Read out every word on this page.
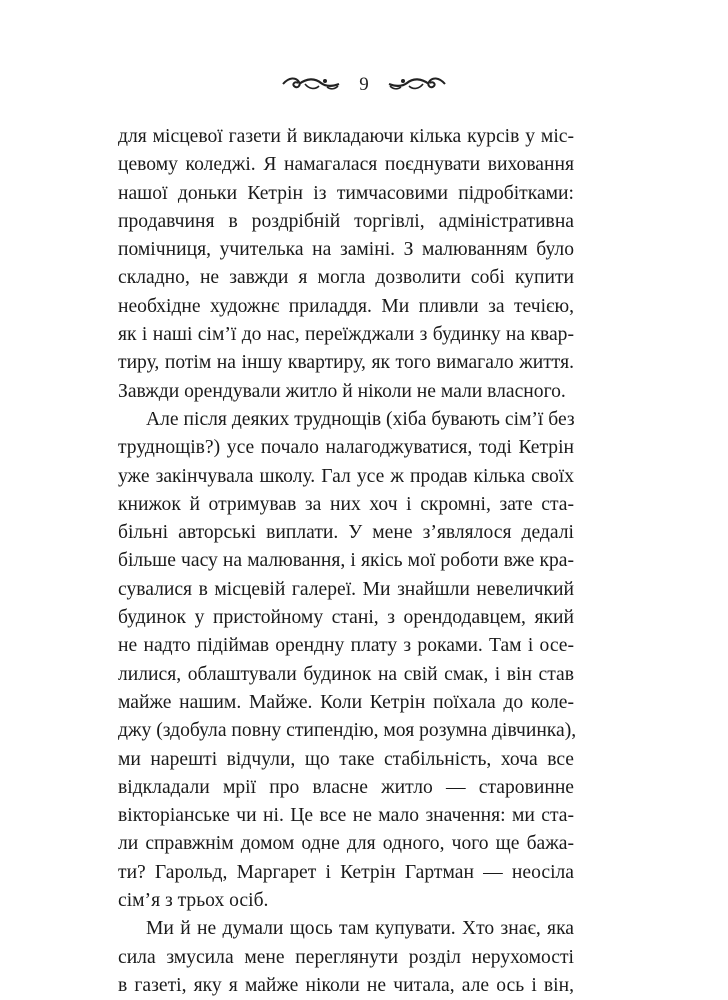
9
для місцевої газети й викладаючи кілька курсів у міс-
цевому коледжі. Я намагалася поєднувати виховання
нашої доньки Кетрін із тимчасовими підробітками:
продавчиня в роздрібній торгівлі, адміністративна
помічниця, учителька на заміні. З малюванням було
складно, не завжди я могла дозволити собі купити
необхідне художнє приладдя. Ми пливли за течією,
як і наші сім’ї до нас, переїжджали з будинку на квар-
тиру, потім на іншу квартиру, як того вимагало життя.
Завжди орендували житло й ніколи не мали власного.
Але після деяких труднощів (хіба бувають сім’ї без
труднощів?) усе почало налагоджуватися, тоді Кетрін
уже закінчувала школу. Гал усе ж продав кілька своїх
книжок й отримував за них хоч і скромні, зате ста-
більні авторські виплати. У мене з’являлося дедалі
більше часу на малювання, і якісь мої роботи вже кра-
сувалися в місцевій галереї. Ми знайшли невеличкий
будинок у пристойному стані, з орендодавцем, який
не надто підіймав орендну плату з роками. Там і осе-
лилися, облаштували будинок на свій смак, і він став
майже нашим. Майже. Коли Кетрін поїхала до коле-
джу (здобула повну стипендію, моя розумна дівчинка),
ми нарешті відчули, що таке стабільність, хоча все
відкладали мрії про власне житло — старовинне
вікторіанське чи ні. Це все не мало значення: ми ста-
ли справжнім домом одне для одного, чого ще бажа-
ти? Гарольд, Маргарет і Кетрін Гартман — неосіла
сім’я з трьох осіб.
Ми й не думали щось там купувати. Хто знає, яка
сила змусила мене переглянути розділ нерухомості
в газеті, яку я майже ніколи не читала, але ось і він,
